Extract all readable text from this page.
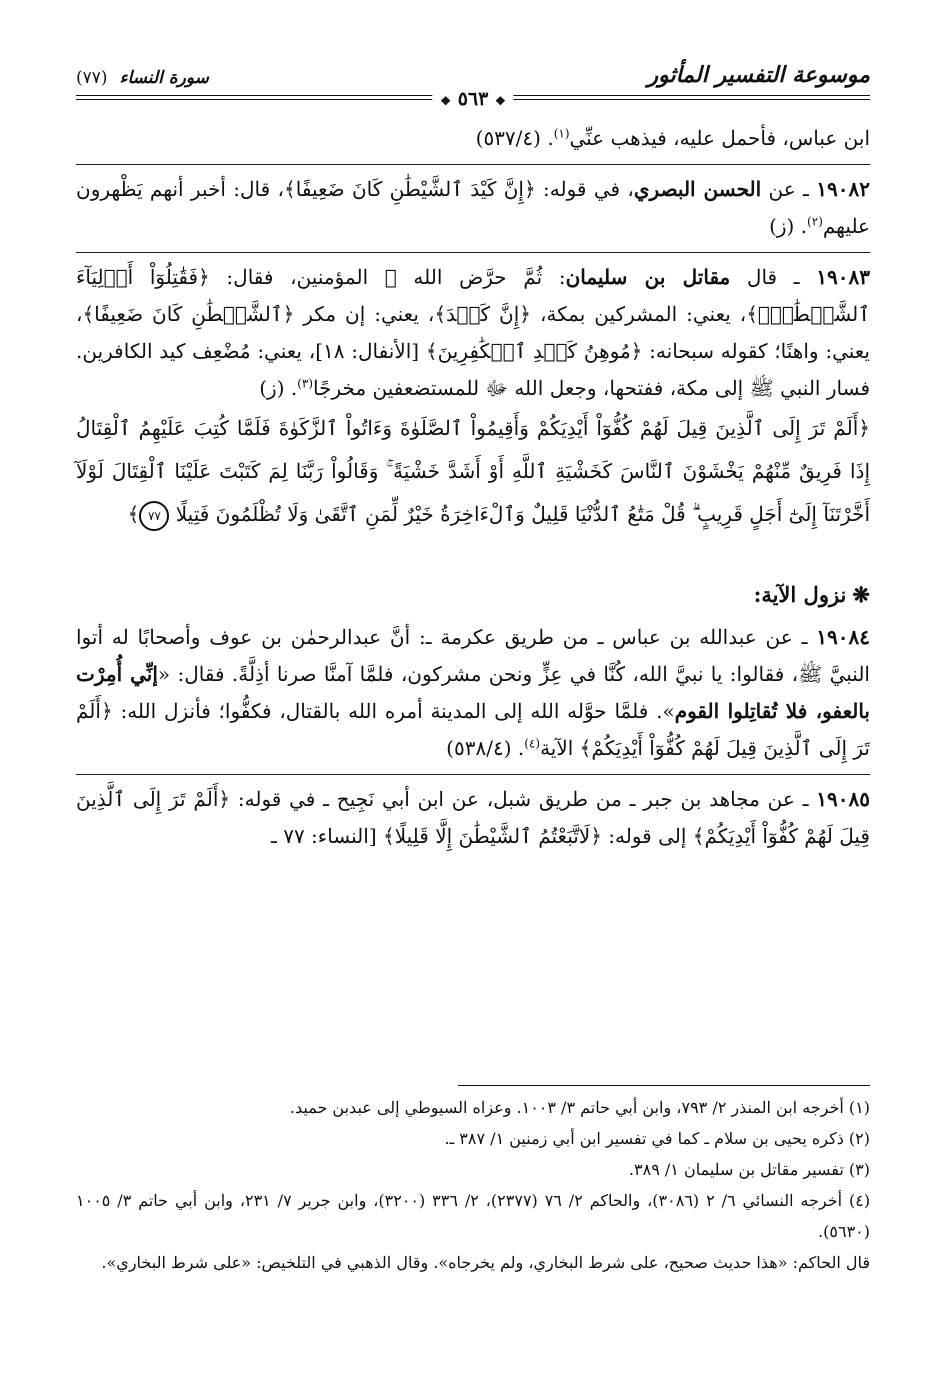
موسوعة التفسير المأثور
سورة النساء (٧٧)
❖ ٥٦٣ ❖

ابن عباس، فأحمل عليه، فيذهب عنِّي$^{(١)}$. (٥٣٧/٤)

١٩٠٨٢ ـ عن الحسن البصري، في قوله: ﴿إِنَّ كَيْدَ ٱلشَّيْطَٰنِ كَانَ ضَعِيفًا﴾، قال: أخبر أنهم يَظْهرون عليهم$^{(٢)}$. (ز)

١٩٠٨٣ ـ قال مقاتل بن سليمان: ثُمَّ حرَّض الله ﷻ المؤمنين، فقال: ﴿فَقَٰتِلُوٓاْ أَوۡلِيَآءَ ٱلشَّيۡطَٰنِۖ﴾، يعني: المشركين بمكة، ﴿إِنَّ كَيۡدَ﴾، يعني: إن مكر ﴿ٱلشَّيۡطَٰنِ كَانَ ضَعِيفًا﴾، يعني: واهنًا؛ كقوله سبحانه: ﴿مُوهِنُ كَيۡدِ ٱلۡكَٰفِرِينَ﴾ [الأنفال: ١٨]، يعني: مُضْعِف كيد الكافرين. فسار النبي ﷺ إلى مكة، ففتحها، وجعل الله ﷻ للمستضعفين مخرجًا$^{(٣)}$. (ز)

﴿أَلَمْ تَرَ إِلَى ٱلَّذِينَ قِيلَ لَهُمْ كُفُّوٓاْ أَيْدِيَكُمْ وَأَقِيمُواْ ٱلصَّلَوٰةَ وَءَاتُواْ ٱلزَّكَوٰةَ فَلَمَّا كُتِبَ عَلَيْهِمُ ٱلْقِتَالُ إِذَا فَرِيقٌ مِّنْهُمْ يَخْشَوْنَ ٱلنَّاسَ كَخَشْيَةِ ٱللَّهِ أَوْ أَشَدَّ خَشْيَةً ۚ وَقَالُواْ رَبَّنَا لِمَ كَتَبْتَ عَلَيْنَا ٱلْقِتَالَ لَوْلَآ أَخَّرْتَنَآ إِلَىٰٓ أَجَلٍ قَرِيبٍ ۗ قُلْ مَتَٰعُ ٱلدُّنْيَا قَلِيلٌ وَٱلْءَاخِرَةُ خَيْرٌ لِّمَنِ ٱتَّقَىٰ وَلَا تُظْلَمُونَ فَتِيلًا ٧٧﴾

❋نزول الآية:

١٩٠٨٤ ـ عن عبدالله بن عباس ـ من طريق عكرمة ـ: أنَّ عبدالرحمٰن بن عوف وأصحابًا له أتوا النبيَّ ﷺ، فقالوا: يا نبيَّ الله، كُنَّا في عِزٍّ ونحن مشركون، فلمَّا آمنَّا صرنا أذِلَّةً. فقال: «إنِّي أُمِرْت بالعفو، فلا تُقاتِلوا القوم». فلمَّا حوَّله الله إلى المدينة أمره الله بالقتال، فكفُّوا؛ فأنزل الله: ﴿أَلَمْ تَرَ إِلَى ٱلَّذِينَ قِيلَ لَهُمْ كُفُّوٓاْ أَيْدِيَكُمْ﴾ الآية$^{(٤)}$. (٥٣٨/٤)

١٩٠٨٥ ـ عن مجاهد بن جبر ـ من طريق شبل، عن ابن أبي نَجِيح ـ في قوله: ﴿أَلَمْ تَرَ إِلَى ٱلَّذِينَ قِيلَ لَهُمْ كُفُّوٓاْ أَيْدِيَكُمْ﴾ إلى قوله: ﴿لَاتَّبَعْتُمُ ٱلشَّيْطَٰنَ إِلَّا قَلِيلًا﴾ [النساء: ٧٧ ـ

(١) أخرجه ابن المنذر ٢/ ٧٩٣، وابن أبي حاتم ٣/ ١٠٠٣. وعزاه السيوطي إلى عبدبن حميد.

(٢) ذكره يحيى بن سلام ـ كما في تفسير ابن أبي زمنين ١/ ٣٨٧ ـ.

(٣) تفسير مقاتل بن سليمان ١/ ٣٨٩.

(٤) أخرجه النسائي ٦/ ٢ (٣٠٨٦)، والحاكم ٢/ ٧٦ (٢٣٧٧)، ٢/ ٣٣٦ (٣٢٠٠)، وابن جرير ٧/ ٢٣١، وابن أبي حاتم ٣/ ١٠٠٥ (٥٦٣٠).

قال الحاكم: «هذا حديث صحيح، على شرط البخاري، ولم يخرجاه». وقال الذهبي في التلخيص: «على شرط البخاري».
